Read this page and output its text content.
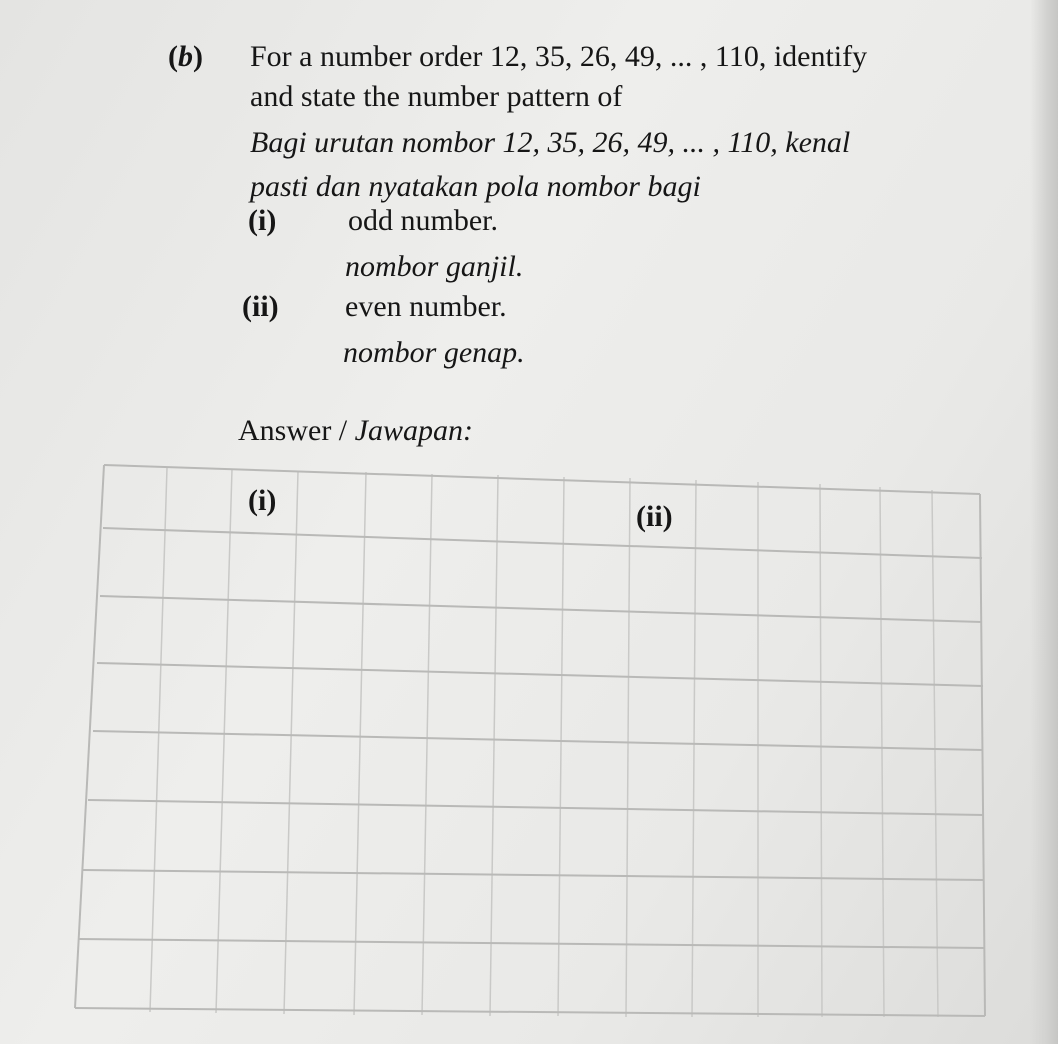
(b) For a number order 12, 35, 26, 49, ... , 110, identify
and state the number pattern of
Bagi urutan nombor 12, 35, 26, 49, ... , 110, kenal
pasti dan nyatakan pola nombor bagi
(i) odd number.
nombor ganjil.
(ii) even number.
nombor genap.
Answer / Jawapan:
(i)	(ii)
